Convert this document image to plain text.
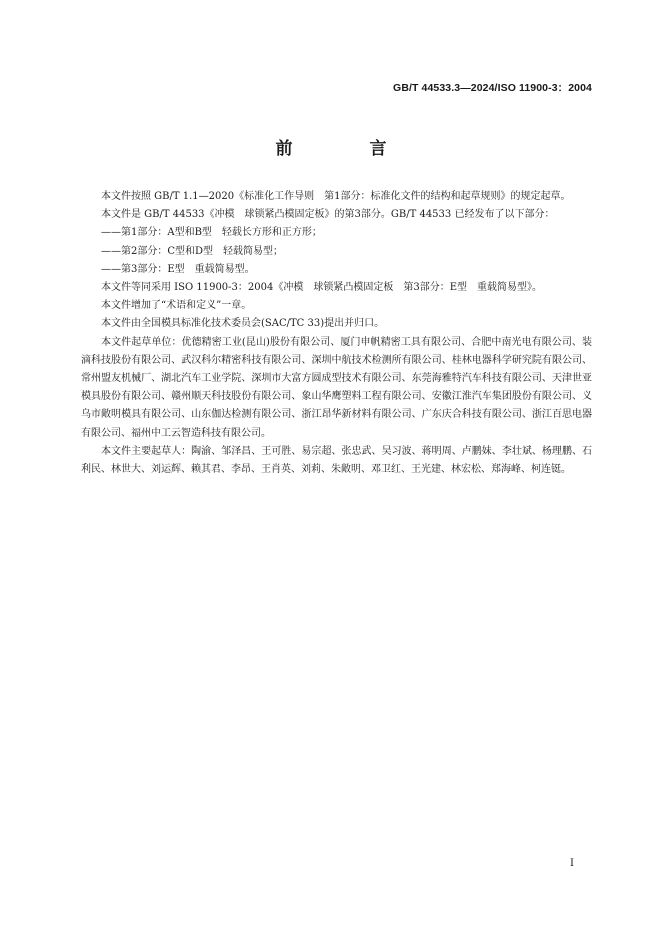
GB/T 44533.3—2024/ISO 11900-3：2004
前　言

本文件按照 GB/T 1.1—2020《标准化工作导则　第1部分：标准化文件的结构和起草规则》的规定起草。

本文件是 GB/T 44533《冲模　球锁紧凸模固定板》的第3部分。GB/T 44533 已经发布了以下部分：

——第1部分：A型和B型　轻载长方形和正方形；

——第2部分：C型和D型　轻载简易型；

——第3部分：E型　重载简易型。

本文件等同采用 ISO 11900-3：2004《冲模　球锁紧凸模固定板　第3部分：E型　重载简易型》。

本文件增加了“术语和定义”一章。

本文件由全国模具标准化技术委员会(SAC/TC 33)提出并归口。

本文件起草单位：优德精密工业(昆山)股份有限公司、厦门申帆精密工具有限公司、合肥中南光电有限公司、装滴科技股份有限公司、武汉科尔精密科技有限公司、深圳中航技术检测所有限公司、桂林电器科学研究院有限公司、常州盟友机械厂、湖北汽车工业学院、深圳市大富方圆成型技术有限公司、东莞海雅特汽车科技有限公司、天津世亚模具股份有限公司、赣州顺天科技股份有限公司、象山华鹰塑料工程有限公司、安徽江淮汽车集团股份有限公司、义乌市敞明模具有限公司、山东伽达检测有限公司、浙江昂华新材料有限公司、广东庆合科技有限公司、浙江百思电器有限公司、福州中工云智造科技有限公司。

本文件主要起草人：陶渝、邹泽昌、王可胜、易宗超、张忠武、吴习波、蒋明周、卢鹏妹、李壮斌、杨理鹏、石利民、林世大、刘运辉、赖其君、李昂、王肖英、刘莉、朱敞明、邓卫红、王光建、林宏松、郑海峰、柯连铤。

I
